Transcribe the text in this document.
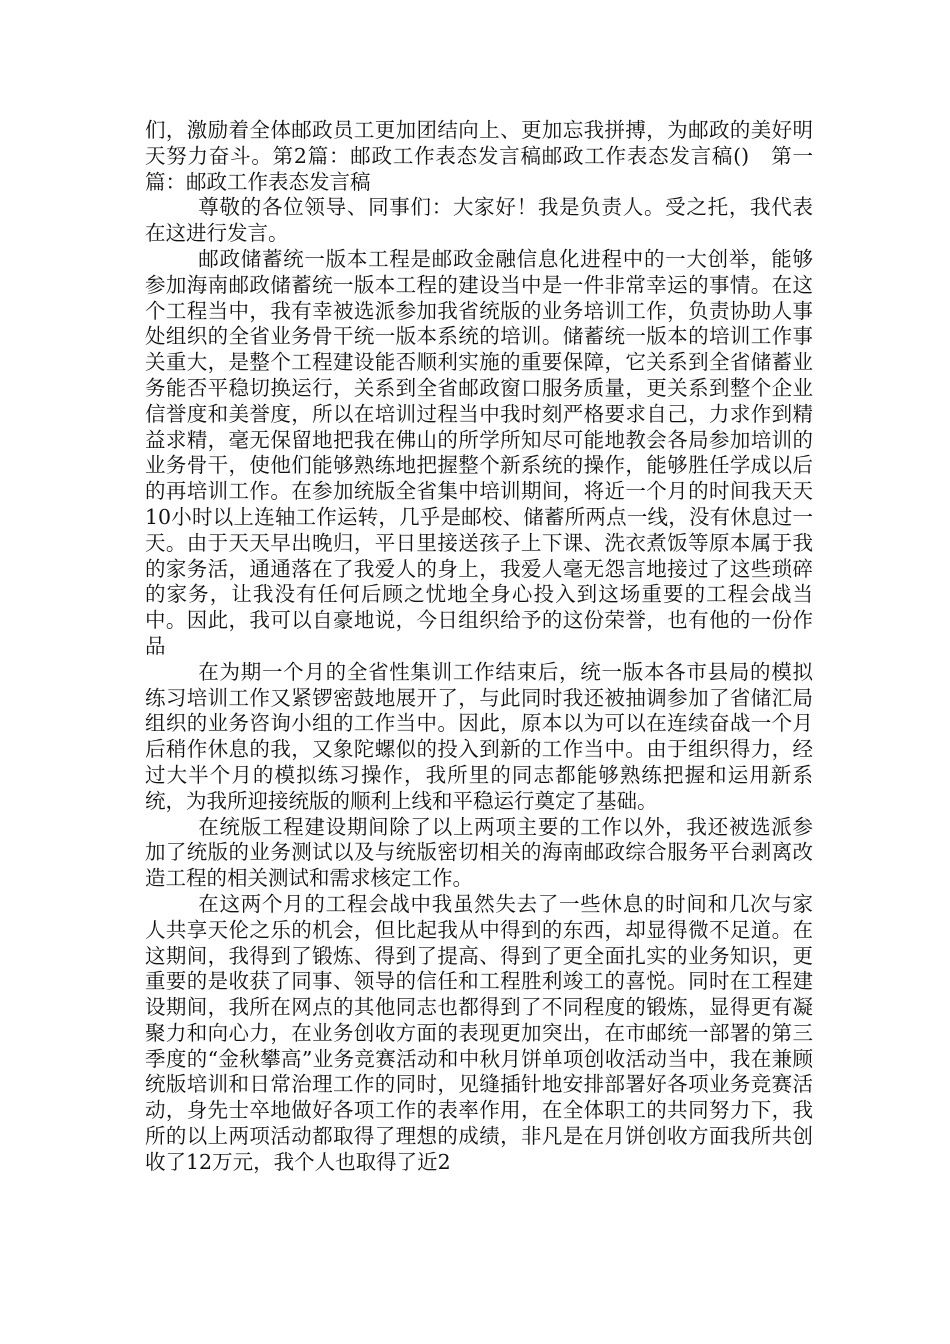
们，激励着全体邮政员工更加团结向上、更加忘我拼搏，为邮政的美好明天努力奋斗。第2篇：邮政工作表态发言稿邮政工作表态发言稿()　第一篇：邮政工作表态发言稿

尊敬的各位领导、同事们：大家好！我是负责人。受之托，我代表在这进行发言。

邮政储蓄统一版本工程是邮政金融信息化进程中的一大创举，能够参加海南邮政储蓄统一版本工程的建设当中是一件非常幸运的事情。在这个工程当中，我有幸被选派参加我省统版的业务培训工作，负责协助人事处组织的全省业务骨干统一版本系统的培训。储蓄统一版本的培训工作事关重大，是整个工程建设能否顺利实施的重要保障，它关系到全省储蓄业务能否平稳切换运行，关系到全省邮政窗口服务质量，更关系到整个企业信誉度和美誉度，所以在培训过程当中我时刻严格要求自己，力求作到精益求精，毫无保留地把我在佛山的所学所知尽可能地教会各局参加培训的业务骨干，使他们能够熟练地把握整个新系统的操作，能够胜任学成以后的再培训工作。在参加统版全省集中培训期间，将近一个月的时间我天天10小时以上连轴工作运转，几乎是邮校、储蓄所两点一线，没有休息过一天。由于天天早出晚归，平日里接送孩子上下课、洗衣煮饭等原本属于我的家务活，通通落在了我爱人的身上，我爱人毫无怨言地接过了这些琐碎的家务，让我没有任何后顾之忧地全身心投入到这场重要的工程会战当中。因此，我可以自豪地说，今日组织给予的这份荣誉，也有他的一份作品

在为期一个月的全省性集训工作结束后，统一版本各市县局的模拟练习培训工作又紧锣密鼓地展开了，与此同时我还被抽调参加了省储汇局组织的业务咨询小组的工作当中。因此，原本以为可以在连续奋战一个月后稍作休息的我，又象陀螺似的投入到新的工作当中。由于组织得力，经过大半个月的模拟练习操作，我所里的同志都能够熟练把握和运用新系统，为我所迎接统版的顺利上线和平稳运行奠定了基础。

在统版工程建设期间除了以上两项主要的工作以外，我还被选派参加了统版的业务测试以及与统版密切相关的海南邮政综合服务平台剥离改造工程的相关测试和需求核定工作。

在这两个月的工程会战中我虽然失去了一些休息的时间和几次与家人共享天伦之乐的机会，但比起我从中得到的东西，却显得微不足道。在这期间，我得到了锻炼、得到了提高、得到了更全面扎实的业务知识，更重要的是收获了同事、领导的信任和工程胜利竣工的喜悦。同时在工程建设期间，我所在网点的其他同志也都得到了不同程度的锻炼，显得更有凝聚力和向心力，在业务创收方面的表现更加突出，在市邮统一部署的第三季度的“金秋攀高”业务竞赛活动和中秋月饼单项创收活动当中，我在兼顾统版培训和日常治理工作的同时，见缝插针地安排部署好各项业务竞赛活动，身先士卒地做好各项工作的表率作用，在全体职工的共同努力下，我所的以上两项活动都取得了理想的成绩，非凡是在月饼创收方面我所共创收了12万元，我个人也取得了近2
